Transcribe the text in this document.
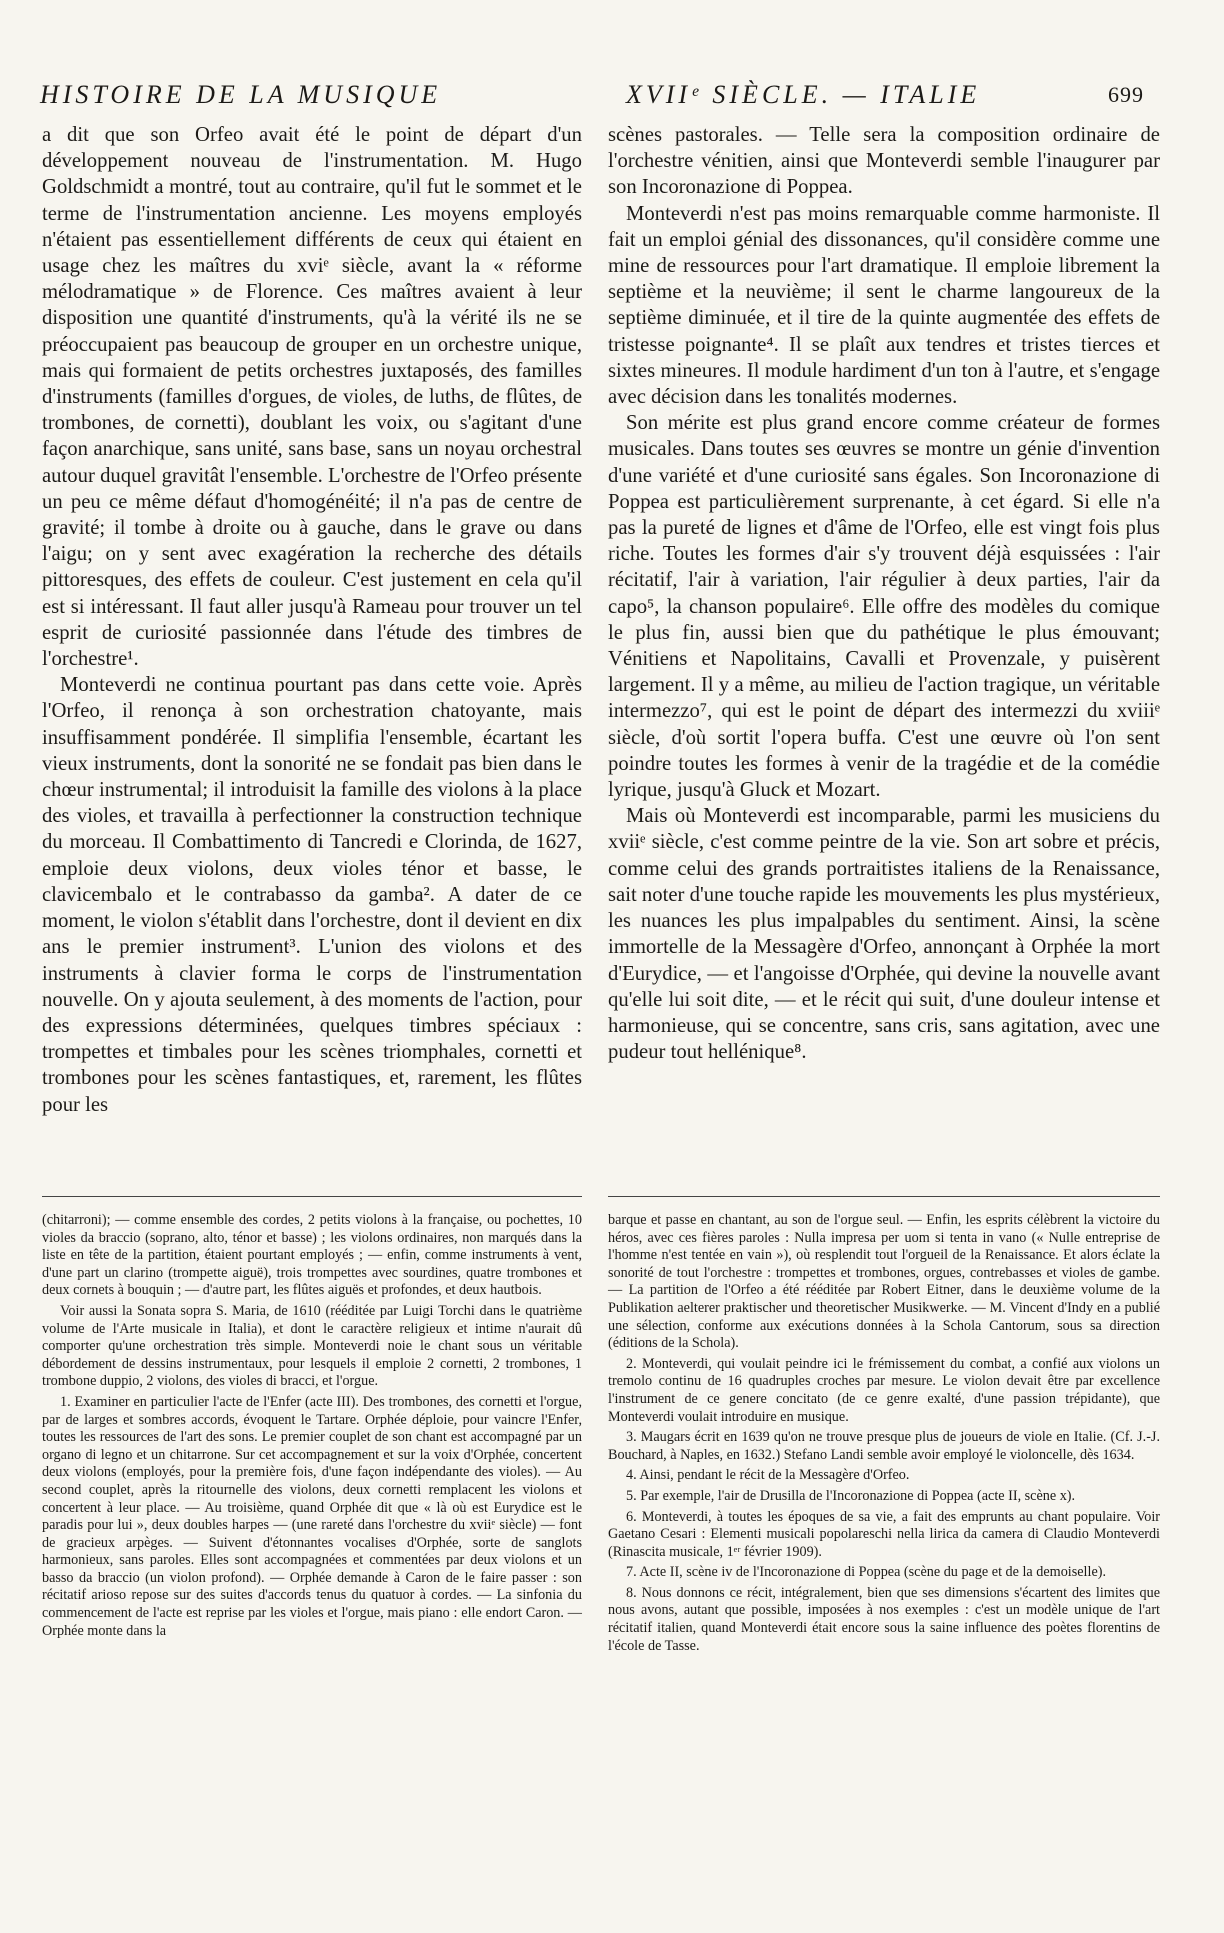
HISTOIRE DE LA MUSIQUE	XVIIᵉ SIÈCLE. — ITALIE	699

a dit que son Orfeo avait été le point de départ d'un développement nouveau de l'instrumentation. M. Hugo Goldschmidt a montré, tout au contraire, qu'il fut le sommet et le terme de l'instrumentation ancienne. Les moyens employés n'étaient pas essentiellement différents de ceux qui étaient en usage chez les maîtres du xviᵉ siècle, avant la « réforme mélodramatique » de Florence. Ces maîtres avaient à leur disposition une quantité d'instruments, qu'à la vérité ils ne se préoccupaient pas beaucoup de grouper en un orchestre unique, mais qui formaient de petits orchestres juxtaposés, des familles d'instruments (familles d'orgues, de violes, de luths, de flûtes, de trombones, de cornetti), doublant les voix, ou s'agitant d'une façon anarchique, sans unité, sans base, sans un noyau orchestral autour duquel gravitât l'ensemble. L'orchestre de l'Orfeo présente un peu ce même défaut d'homogénéité; il n'a pas de centre de gravité; il tombe à droite ou à gauche, dans le grave ou dans l'aigu; on y sent avec exagération la recherche des détails pittoresques, des effets de couleur. C'est justement en cela qu'il est si intéressant. Il faut aller jusqu'à Rameau pour trouver un tel esprit de curiosité passionnée dans l'étude des timbres de l'orchestre¹.

Monteverdi ne continua pourtant pas dans cette voie. Après l'Orfeo, il renonça à son orchestration chatoyante, mais insuffisamment pondérée. Il simplifia l'ensemble, écartant les vieux instruments, dont la sonorité ne se fondait pas bien dans le chœur instrumental; il introduisit la famille des violons à la place des violes, et travailla à perfectionner la construction technique du morceau. Il Combattimento di Tancredi e Clorinda, de 1627, emploie deux violons, deux violes ténor et basse, le clavicembalo et le contrabasso da gamba². A dater de ce moment, le violon s'établit dans l'orchestre, dont il devient en dix ans le premier instrument³. L'union des violons et des instruments à clavier forma le corps de l'instrumentation nouvelle. On y ajouta seulement, à des moments de l'action, pour des expressions déterminées, quelques timbres spéciaux : trompettes et timbales pour les scènes triomphales, cornetti et trombones pour les scènes fantastiques, et, rarement, les flûtes pour les

scènes pastorales. — Telle sera la composition ordinaire de l'orchestre vénitien, ainsi que Monteverdi semble l'inaugurer par son Incoronazione di Poppea.

Monteverdi n'est pas moins remarquable comme harmoniste. Il fait un emploi génial des dissonances, qu'il considère comme une mine de ressources pour l'art dramatique. Il emploie librement la septième et la neuvième; il sent le charme langoureux de la septième diminuée, et il tire de la quinte augmentée des effets de tristesse poignante⁴. Il se plaît aux tendres et tristes tierces et sixtes mineures. Il module hardiment d'un ton à l'autre, et s'engage avec décision dans les tonalités modernes.

Son mérite est plus grand encore comme créateur de formes musicales. Dans toutes ses œuvres se montre un génie d'invention d'une variété et d'une curiosité sans égales. Son Incoronazione di Poppea est particulièrement surprenante, à cet égard. Si elle n'a pas la pureté de lignes et d'âme de l'Orfeo, elle est vingt fois plus riche. Toutes les formes d'air s'y trouvent déjà esquissées : l'air récitatif, l'air à variation, l'air régulier à deux parties, l'air da capo⁵, la chanson populaire⁶. Elle offre des modèles du comique le plus fin, aussi bien que du pathétique le plus émouvant; Vénitiens et Napolitains, Cavalli et Provenzale, y puisèrent largement. Il y a même, au milieu de l'action tragique, un véritable intermezzo⁷, qui est le point de départ des intermezzi du xviiiᵉ siècle, d'où sortit l'opera buffa. C'est une œuvre où l'on sent poindre toutes les formes à venir de la tragédie et de la comédie lyrique, jusqu'à Gluck et Mozart.

Mais où Monteverdi est incomparable, parmi les musiciens du xviiᵉ siècle, c'est comme peintre de la vie. Son art sobre et précis, comme celui des grands portraitistes italiens de la Renaissance, sait noter d'une touche rapide les mouvements les plus mystérieux, les nuances les plus impalpables du sentiment. Ainsi, la scène immortelle de la Messagère d'Orfeo, annonçant à Orphée la mort d'Eurydice, — et l'angoisse d'Orphée, qui devine la nouvelle avant qu'elle lui soit dite, — et le récit qui suit, d'une douleur intense et harmonieuse, qui se concentre, sans cris, sans agitation, avec une pudeur tout hellénique⁸.

(chitarroni); — comme ensemble des cordes, 2 petits violons à la française, ou pochettes, 10 violes da braccio (soprano, alto, ténor et basse) ; les violons ordinaires, non marqués dans la liste en tête de la partition, étaient pourtant employés ; — enfin, comme instruments à vent, d'une part un clarino (trompette aiguë), trois trompettes avec sourdines, quatre trombones et deux cornets à bouquin ; — d'autre part, les flûtes aiguës et profondes, et deux hautbois.

Voir aussi la Sonata sopra S. Maria, de 1610 (rééditée par Luigi Torchi dans le quatrième volume de l'Arte musicale in Italia), et dont le caractère religieux et intime n'aurait dû comporter qu'une orchestration très simple. Monteverdi noie le chant sous un véritable débordement de dessins instrumentaux, pour lesquels il emploie 2 cornetti, 2 trombones, 1 trombone duppio, 2 violons, des violes di bracci, et l'orgue.

1. Examiner en particulier l'acte de l'Enfer (acte III). Des trombones, des cornetti et l'orgue, par de larges et sombres accords, évoquent le Tartare. Orphée déploie, pour vaincre l'Enfer, toutes les ressources de l'art des sons. Le premier couplet de son chant est accompagné par un organo di legno et un chitarrone. Sur cet accompagnement et sur la voix d'Orphée, concertent deux violons (employés, pour la première fois, d'une façon indépendante des violes). — Au second couplet, après la ritournelle des violons, deux cornetti remplacent les violons et concertent à leur place. — Au troisième, quand Orphée dit que « là où est Eurydice est le paradis pour lui », deux doubles harpes — (une rareté dans l'orchestre du xviiᵉ siècle) — font de gracieux arpèges. — Suivent d'étonnantes vocalises d'Orphée, sorte de sanglots harmonieux, sans paroles. Elles sont accompagnées et commentées par deux violons et un basso da braccio (un violon profond). — Orphée demande à Caron de le faire passer : son récitatif arioso repose sur des suites d'accords tenus du quatuor à cordes. — La sinfonia du commencement de l'acte est reprise par les violes et l'orgue, mais piano : elle endort Caron. — Orphée monte dans la

barque et passe en chantant, au son de l'orgue seul. — Enfin, les esprits célèbrent la victoire du héros, avec ces fières paroles : Nulla impresa per uom si tenta in vano (« Nulle entreprise de l'homme n'est tentée en vain »), où resplendit tout l'orgueil de la Renaissance. Et alors éclate la sonorité de tout l'orchestre : trompettes et trombones, orgues, contrebasses et violes de gambe. — La partition de l'Orfeo a été rééditée par Robert Eitner, dans le deuxième volume de la Publikation aelterer praktischer und theoretischer Musikwerke. — M. Vincent d'Indy en a publié une sélection, conforme aux exécutions données à la Schola Cantorum, sous sa direction (éditions de la Schola).

2. Monteverdi, qui voulait peindre ici le frémissement du combat, a confié aux violons un tremolo continu de 16 quadruples croches par mesure. Le violon devait être par excellence l'instrument de ce genere concitato (de ce genre exalté, d'une passion trépidante), que Monteverdi voulait introduire en musique.

3. Maugars écrit en 1639 qu'on ne trouve presque plus de joueurs de viole en Italie. (Cf. J.-J. Bouchard, à Naples, en 1632.) Stefano Landi semble avoir employé le violoncelle, dès 1634.

4. Ainsi, pendant le récit de la Messagère d'Orfeo.

5. Par exemple, l'air de Drusilla de l'Incoronazione di Poppea (acte II, scène x).

6. Monteverdi, à toutes les époques de sa vie, a fait des emprunts au chant populaire. Voir Gaetano Cesari : Elementi musicali popolareschi nella lirica da camera di Claudio Monteverdi (Rinascita musicale, 1ᵉʳ février 1909).

7. Acte II, scène iv de l'Incoronazione di Poppea (scène du page et de la demoiselle).

8. Nous donnons ce récit, intégralement, bien que ses dimensions s'écartent des limites que nous avons, autant que possible, imposées à nos exemples : c'est un modèle unique de l'art récitatif italien, quand Monteverdi était encore sous la saine influence des poètes florentins de l'école de Tasse.
